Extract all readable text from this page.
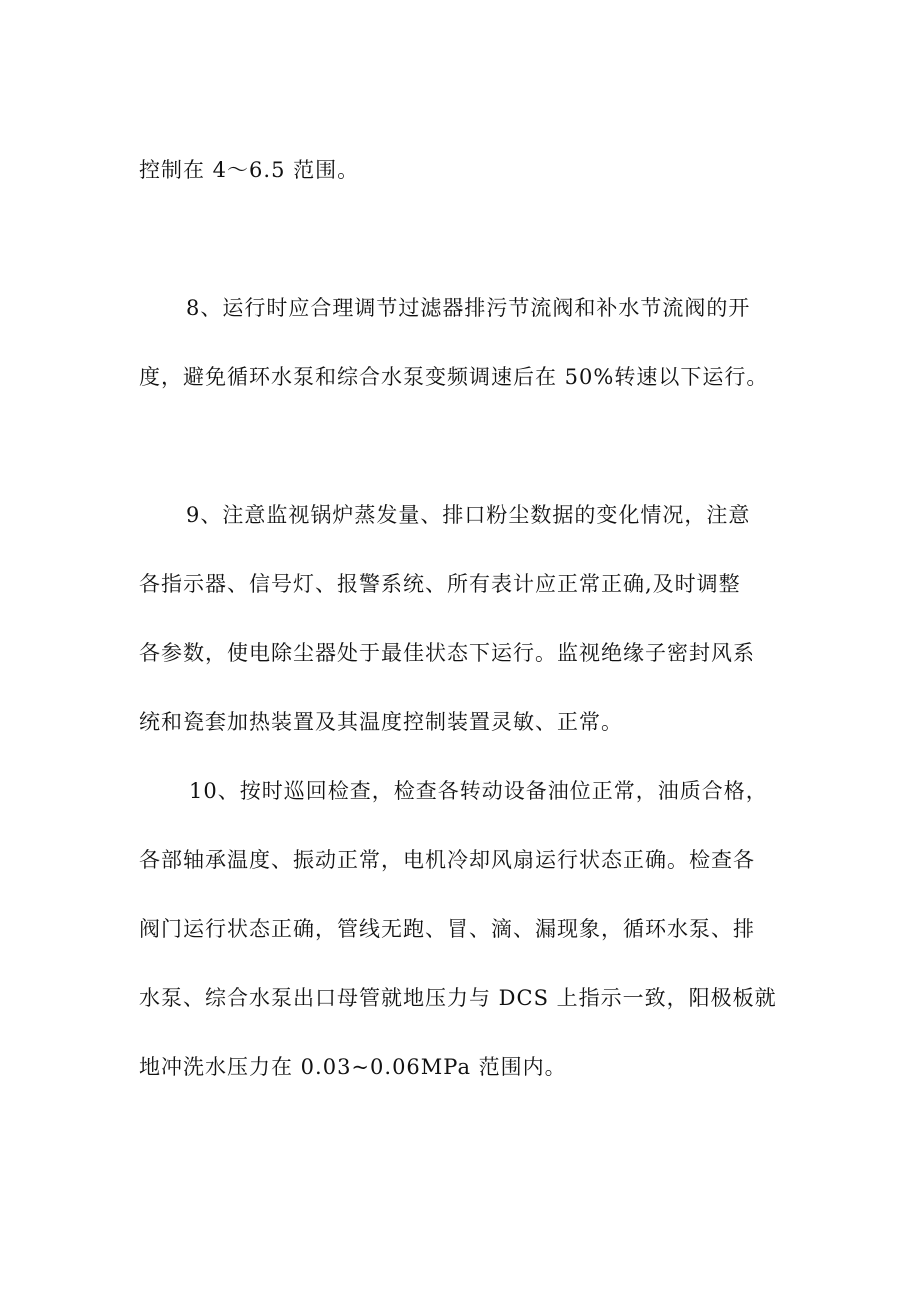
控制在 4～6.5 范围。
8、运行时应合理调节过滤器排污节流阀和补水节流阀的开
度，避免循环水泵和综合水泵变频调速后在 50%转速以下运行。
9、注意监视锅炉蒸发量、排口粉尘数据的变化情况，注意
各指示器、信号灯、报警系统、所有表计应正常正确,及时调整
各参数，使电除尘器处于最佳状态下运行。监视绝缘子密封风系
统和瓷套加热装置及其温度控制装置灵敏、正常。
10、按时巡回检查，检查各转动设备油位正常，油质合格，
各部轴承温度、振动正常，电机冷却风扇运行状态正确。检查各
阀门运行状态正确，管线无跑、冒、滴、漏现象，循环水泵、排
水泵、综合水泵出口母管就地压力与 DCS 上指示一致，阳极板就
地冲洗水压力在 0.03~0.06MPa 范围内。
